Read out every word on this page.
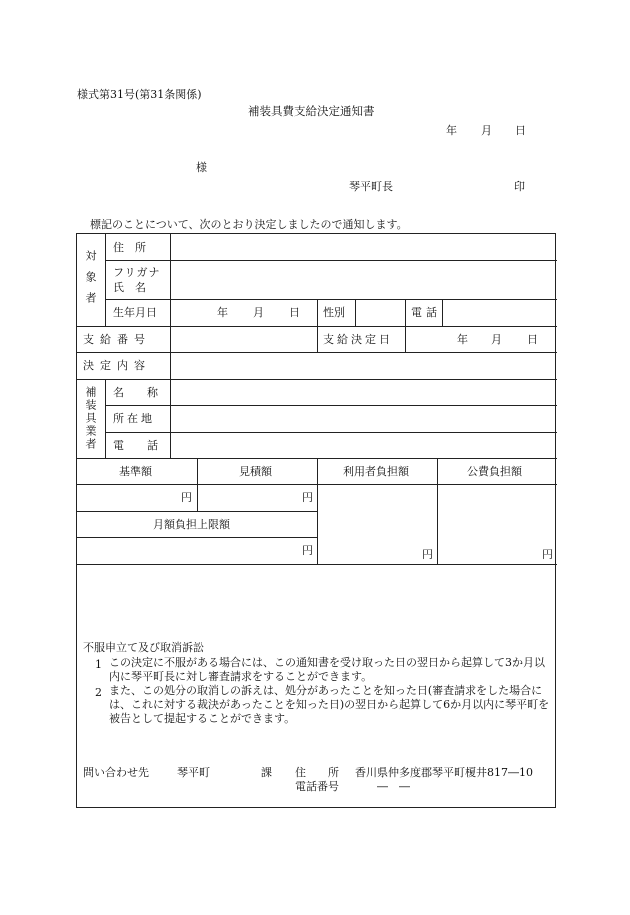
様式第31号(第31条関係)
補装具費支給決定通知書
年 月 日
様
琴平町長	印
標記のことについて、次のとおり決定しましたので通知します。
対象者
住　所
フリガナ
氏　名
生年月日	年 月 日 性別	電話
支給番号	支給決定日	年 月 日
決定内容
補装具業者 名　称
所在地
電　話
基準額	見積額	利用者負担額	公費負担額
円	円
月額負担上限額
円	円	円
不服申立て及び取消訴訟
1 この決定に不服がある場合には、この通知書を受け取った日の翌日から起算して3か月以内に琴平町長に対し審査請求をすることができます。
2 また、この処分の取消しの訴えは、処分があったことを知った日(審査請求をした場合には、これに対する裁決があったことを知った日)の翌日から起算して6か月以内に琴平町を被告として提起することができます。
問い合わせ先	琴平町	課 住　　所 香川県仲多度郡琴平町榎井817―10
電話番号	―　―
